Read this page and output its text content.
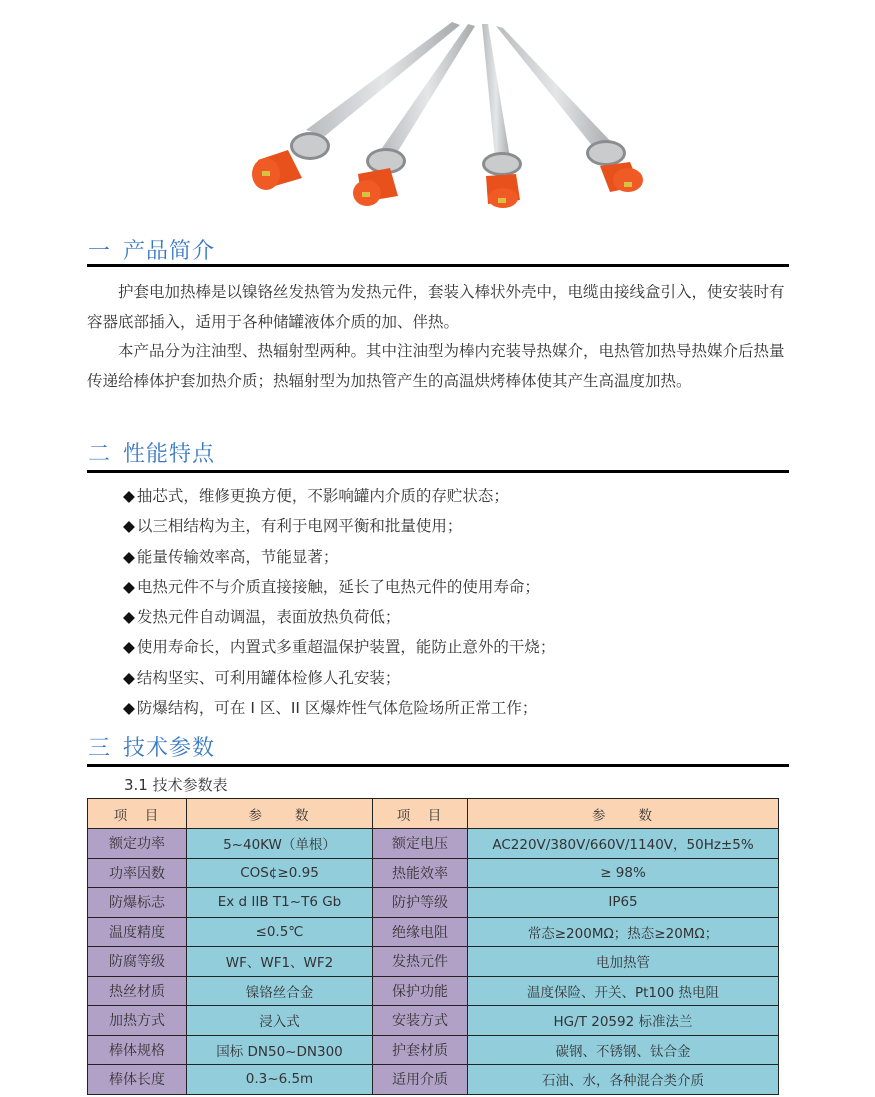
一 产品简介

护套电加热棒是以镍铬丝发热管为发热元件，套装入棒状外壳中，电缆由接线盒引入，使安装时有容器底部插入，适用于各种储罐液体介质的加、伴热。

本产品分为注油型、热辐射型两种。其中注油型为棒内充装导热媒介，电热管加热导热媒介后热量传递给棒体护套加热介质；热辐射型为加热管产生的高温烘烤棒体使其产生高温度加热。

二 性能特点
◆ 抽芯式，维修更换方便，不影响罐内介质的存贮状态；
◆ 以三相结构为主，有利于电网平衡和批量使用；
◆ 能量传输效率高，节能显著；
◆ 电热元件不与介质直接接触，延长了电热元件的使用寿命；
◆ 发热元件自动调温，表面放热负荷低；
◆ 使用寿命长，内置式多重超温保护装置，能防止意外的干烧；
◆ 结构坚实、可利用罐体检修人孔安装；
◆ 防爆结构，可在 I 区、II 区爆炸性气体危险场所正常工作；
三 技术参数
3.1 技术参数表
项　目	参　　数	项　目	参　　数
额定功率	5~40KW（单根）	额定电压	AC220V/380V/660V/1140V，50Hz±5%
功率因数	COS¢≥0.95	热能效率	≥ 98%
防爆标志	Ex d IIB T1~T6 Gb	防护等级	IP65
温度精度	≤0.5℃	绝缘电阻	常态≥200MΩ；热态≥20MΩ；
防腐等级	WF、WF1、WF2	发热元件	电加热管
热丝材质	镍铬丝合金	保护功能	温度保险、开关、Pt100 热电阻
加热方式	浸入式	安装方式	HG/T 20592 标准法兰
棒体规格	国标 DN50~DN300	护套材质	碳钢、不锈钢、钛合金
棒体长度	0.3~6.5m	适用介质	石油、水，各种混合类介质
